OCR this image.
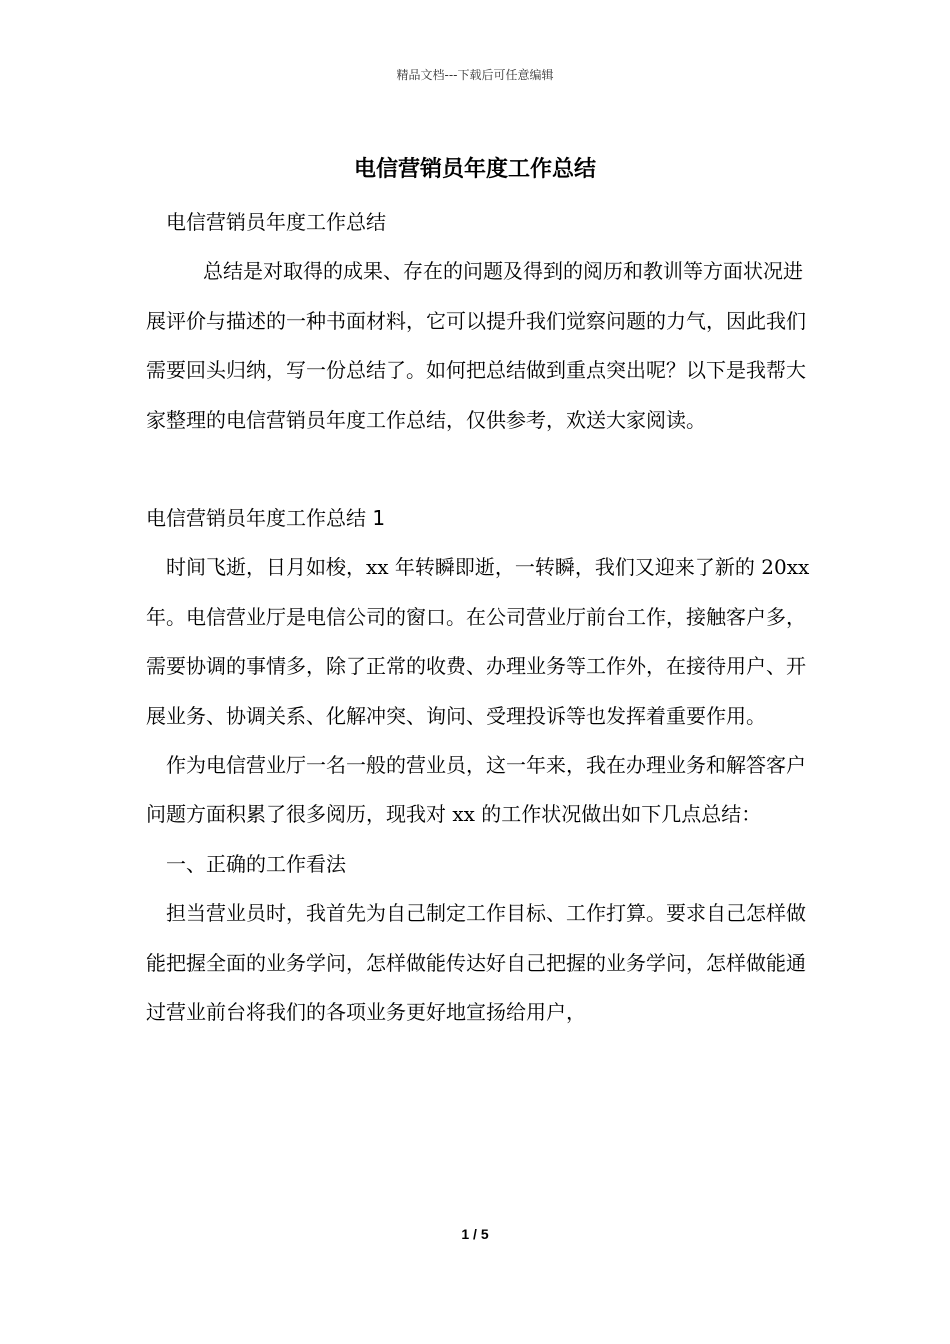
精品文档---下载后可任意编辑
电信营销员年度工作总结

电信营销员年度工作总结

总结是对取得的成果、存在的问题及得到的阅历和教训等方面状况进展评价与描述的一种书面材料，它可以提升我们觉察问题的力气，因此我们需要回头归纳，写一份总结了。如何把总结做到重点突出呢？以下是我帮大家整理的电信营销员年度工作总结，仅供参考，欢送大家阅读。

电信营销员年度工作总结 1

时间飞逝，日月如梭，xx 年转瞬即逝，一转瞬，我们又迎来了新的 20xx 年。电信营业厅是电信公司的窗口。在公司营业厅前台工作，接触客户多，需要协调的事情多，除了正常的收费、办理业务等工作外，在接待用户、开展业务、协调关系、化解冲突、询问、受理投诉等也发挥着重要作用。

作为电信营业厅一名一般的营业员，这一年来，我在办理业务和解答客户问题方面积累了很多阅历，现我对 xx 的工作状况做出如下几点总结：

一、正确的工作看法

担当营业员时，我首先为自己制定工作目标、工作打算。要求自己怎样做能把握全面的业务学问，怎样做能传达好自己把握的业务学问，怎样做能通过营业前台将我们的各项业务更好地宣扬给用户，

1 / 5
